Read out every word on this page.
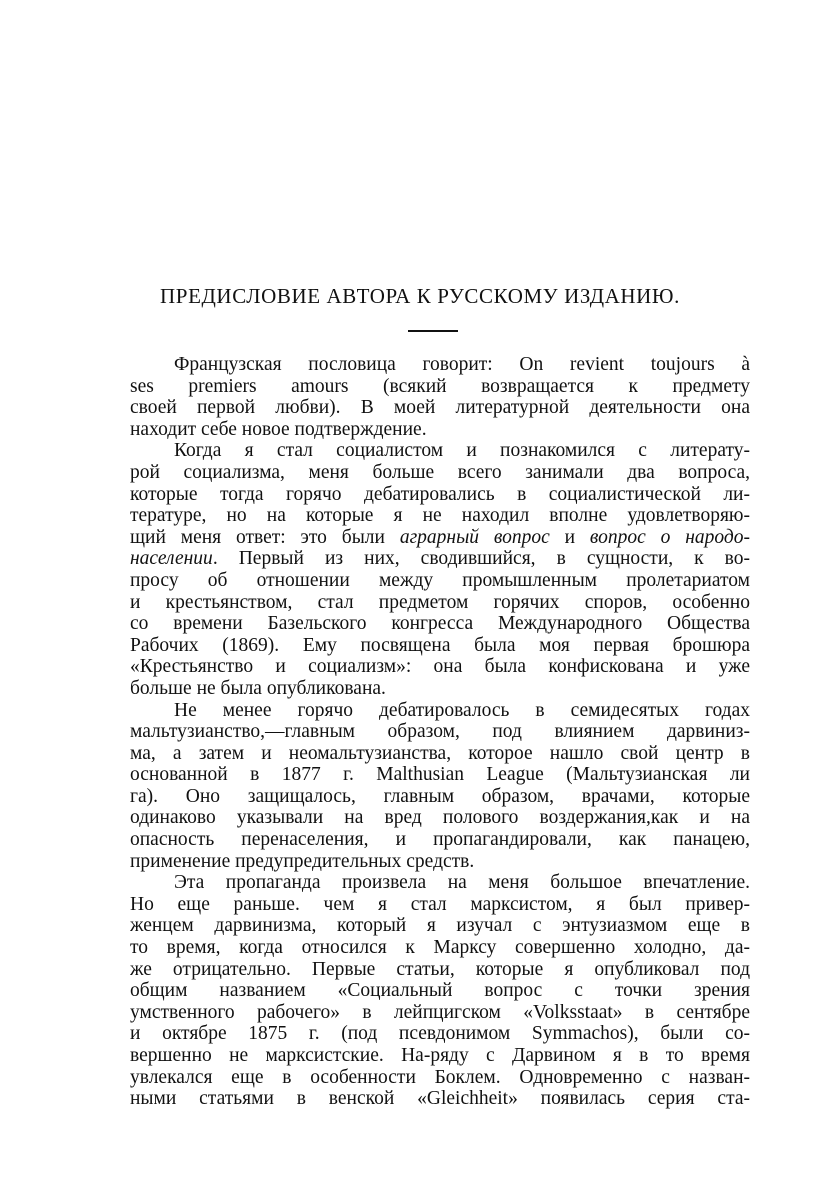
ПРЕДИСЛОВИЕ АВТОРА К РУССКОМУ ИЗДАНИЮ.
Французская пословица говорит: On revient toujours à
ses premiers amours (всякий возвращается к предмету
своей первой любви). В моей литературной деятельности она
находит себе новое подтверждение.
Когда я стал социалистом и познакомился с литерату-
рой социализма, меня больше всего занимали два вопроса,
которые тогда горячо дебатировались в социалистической ли-
тературе, но на которые я не находил вполне удовлетворяю-
щий меня ответ: это были аграрный вопрос и вопрос о народо-
населении. Первый из них, сводившийся, в сущности, к во-
просу об отношении между промышленным пролетариатом
и крестьянством, стал предметом горячих споров, особенно
со времени Базельского конгресса Международного Общества
Рабочих (1869). Ему посвящена была моя первая брошюра
«Крестьянство и социализм»: она была конфискована и уже
больше не была опубликована.
Не менее горячо дебатировалось в семидесятых годах
мальтузианство,—главным образом, под влиянием дарвиниз-
ма, а затем и неомальтузианства, которое нашло свой центр в
основанной в 1877 г. Malthusian League (Мальтузианская ли
га). Оно защищалось, главным образом, врачами, которые
одинаково указывали на вред полового воздержания,как и на
опасность перенаселения, и пропагандировали, как панацею,
применение предупредительных средств.
Эта пропаганда произвела на меня большое впечатление.
Но еще раньше. чем я стал марксистом, я был привер-
женцем дарвинизма, который я изучал с энтузиазмом еще в
то время, когда относился к Марксу совершенно холодно, да-
же отрицательно. Первые статьи, которые я опубликовал под
общим названием «Социальный вопрос с точки зрения
умственного рабочего» в лейпцигском «Volksstaat» в сентябре
и октябре 1875 г. (под псевдонимом Symmachos), были со-
вершенно не марксистские. На-ряду с Дарвином я в то время
увлекался еще в особенности Боклем. Одновременно с назван-
ными статьями в венской «Gleichheit» появилась серия ста-
